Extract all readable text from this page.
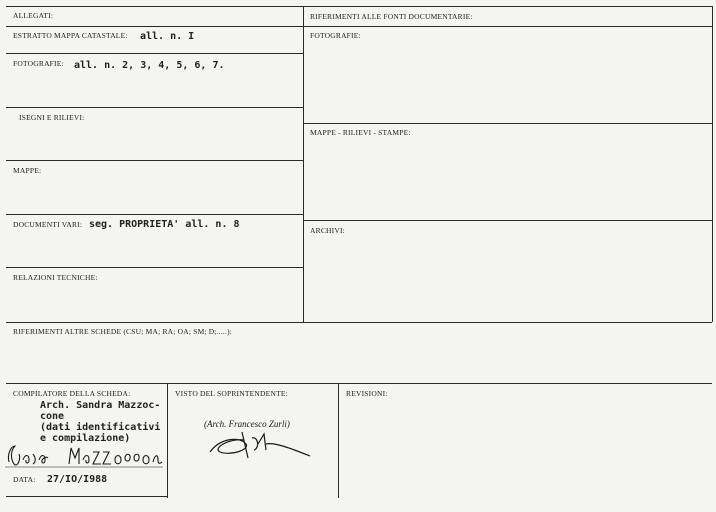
ALLEGATI:
ESTRATTO MAPPA CATASTALE: all. n. I
FOTOGRAFIE: all. n. 2, 3, 4, 5, 6, 7.
ISEGNI E RILIEVI:
MAPPE:
DOCUMENTI VARI: seg. PROPRIETA' all. n. 8
RELAZIONI TECNICHE:
RIFERIMENTI ALLE FONTI DOCUMENTARIE:
FOTOGRAFIE:
MAPPE - RILIEVI - STAMPE:
ARCHIVI:
RIFERIMENTI ALTRE SCHEDE (CSU; MA; RA; OA; SM; D;.....):
COMPILATORE DELLA SCHEDA:
Arch. Sandra Mazzoc-
cone
(dati identificativi
e compilazione)
DATA: 27/IO/I988
VISTO DEL SOPRINTENDENTE:
(Arch. Francesco Zurli)
REVISIONI:
